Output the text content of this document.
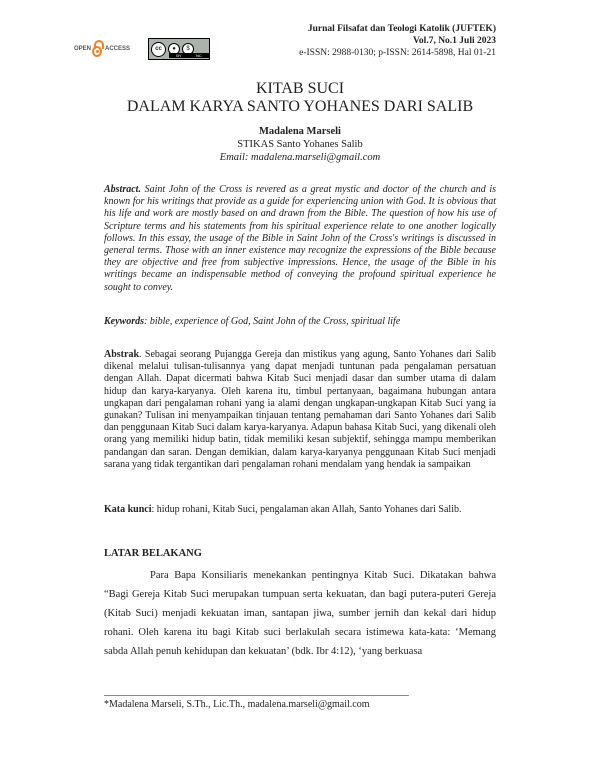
OPEN ACCESS	cc	●	$
BY	NC
Jurnal Filsafat dan Teologi Katolik (JUFTEK)
Vol.7, No.1 Juli 2023
e-ISSN: 2988-0130; p-ISSN: 2614-5898, Hal 01-21
KITAB SUCI
DALAM KARYA SANTO YOHANES DARI SALIB
Madalena Marseli
STIKAS Santo Yohanes Salib
Email: madalena.marseli@gmail.com
Abstract. Saint John of the Cross is revered as a great mystic and doctor of the church and is known for his writings that provide as a guide for experiencing union with God. It is obvious that his life and work are mostly based on and drawn from the Bible. The question of how his use of Scripture terms and his statements from his spiritual experience relate to one another logically follows. In this essay, the usage of the Bible in Saint John of the Cross's writings is discussed in general terms. Those with an inner existence may recognize the expressions of the Bible because they are objective and free from subjective impressions. Hence, the usage of the Bible in his writings became an indispensable method of conveying the profound spiritual experience he sought to convey.
Keywords: bible, experience of God, Saint John of the Cross, spiritual life
Abstrak. Sebagai seorang Pujangga Gereja dan mistikus yang agung, Santo Yohanes dari Salib dikenal melalui tulisan-tulisannya yang dapat menjadi tuntunan pada pengalaman persatuan dengan Allah. Dapat dicermati bahwa Kitab Suci menjadi dasar dan sumber utama di dalam hidup dan karya-karyanya. Oleh karena itu, timbul pertanyaan, bagaimana hubungan antara ungkapan dari pengalaman rohani yang ia alami dengan ungkapan-ungkapan Kitab Suci yang ia gunakan? Tulisan ini menyampaikan tinjauan tentang pemahaman dari Santo Yohanes dari Salib dan penggunaan Kitab Suci dalam karya-karyanya. Adapun bahasa Kitab Suci, yang dikenali oleh orang yang memiliki hidup batin, tidak memiliki kesan subjektif, sehingga mampu memberikan pandangan dan saran. Dengan demikian, dalam karya-karyanya penggunaan Kitab Suci menjadi sarana yang tidak tergantikan dari pengalaman rohani mendalam yang hendak ia sampaikan
Kata kunci: hidup rohani, Kitab Suci, pengalaman akan Allah, Santo Yohanes dari Salib.
LATAR BELAKANG
Para Bapa Konsiliaris menekankan pentingnya Kitab Suci. Dikatakan bahwa “Bagi Gereja Kitab Suci merupakan tumpuan serta kekuatan, dan bagi putera-puteri Gereja (Kitab Suci) menjadi kekuatan iman, santapan jiwa, sumber jernih dan kekal dari hidup rohani. Oleh karena itu bagi Kitab suci berlakulah secara istimewa kata-kata: ‘Memang sabda Allah penuh kehidupan dan kekuatan’ (bdk. Ibr 4:12), ‘yang berkuasa
*Madalena Marseli, S.Th., Lic.Th., madalena.marseli@gmail.com
